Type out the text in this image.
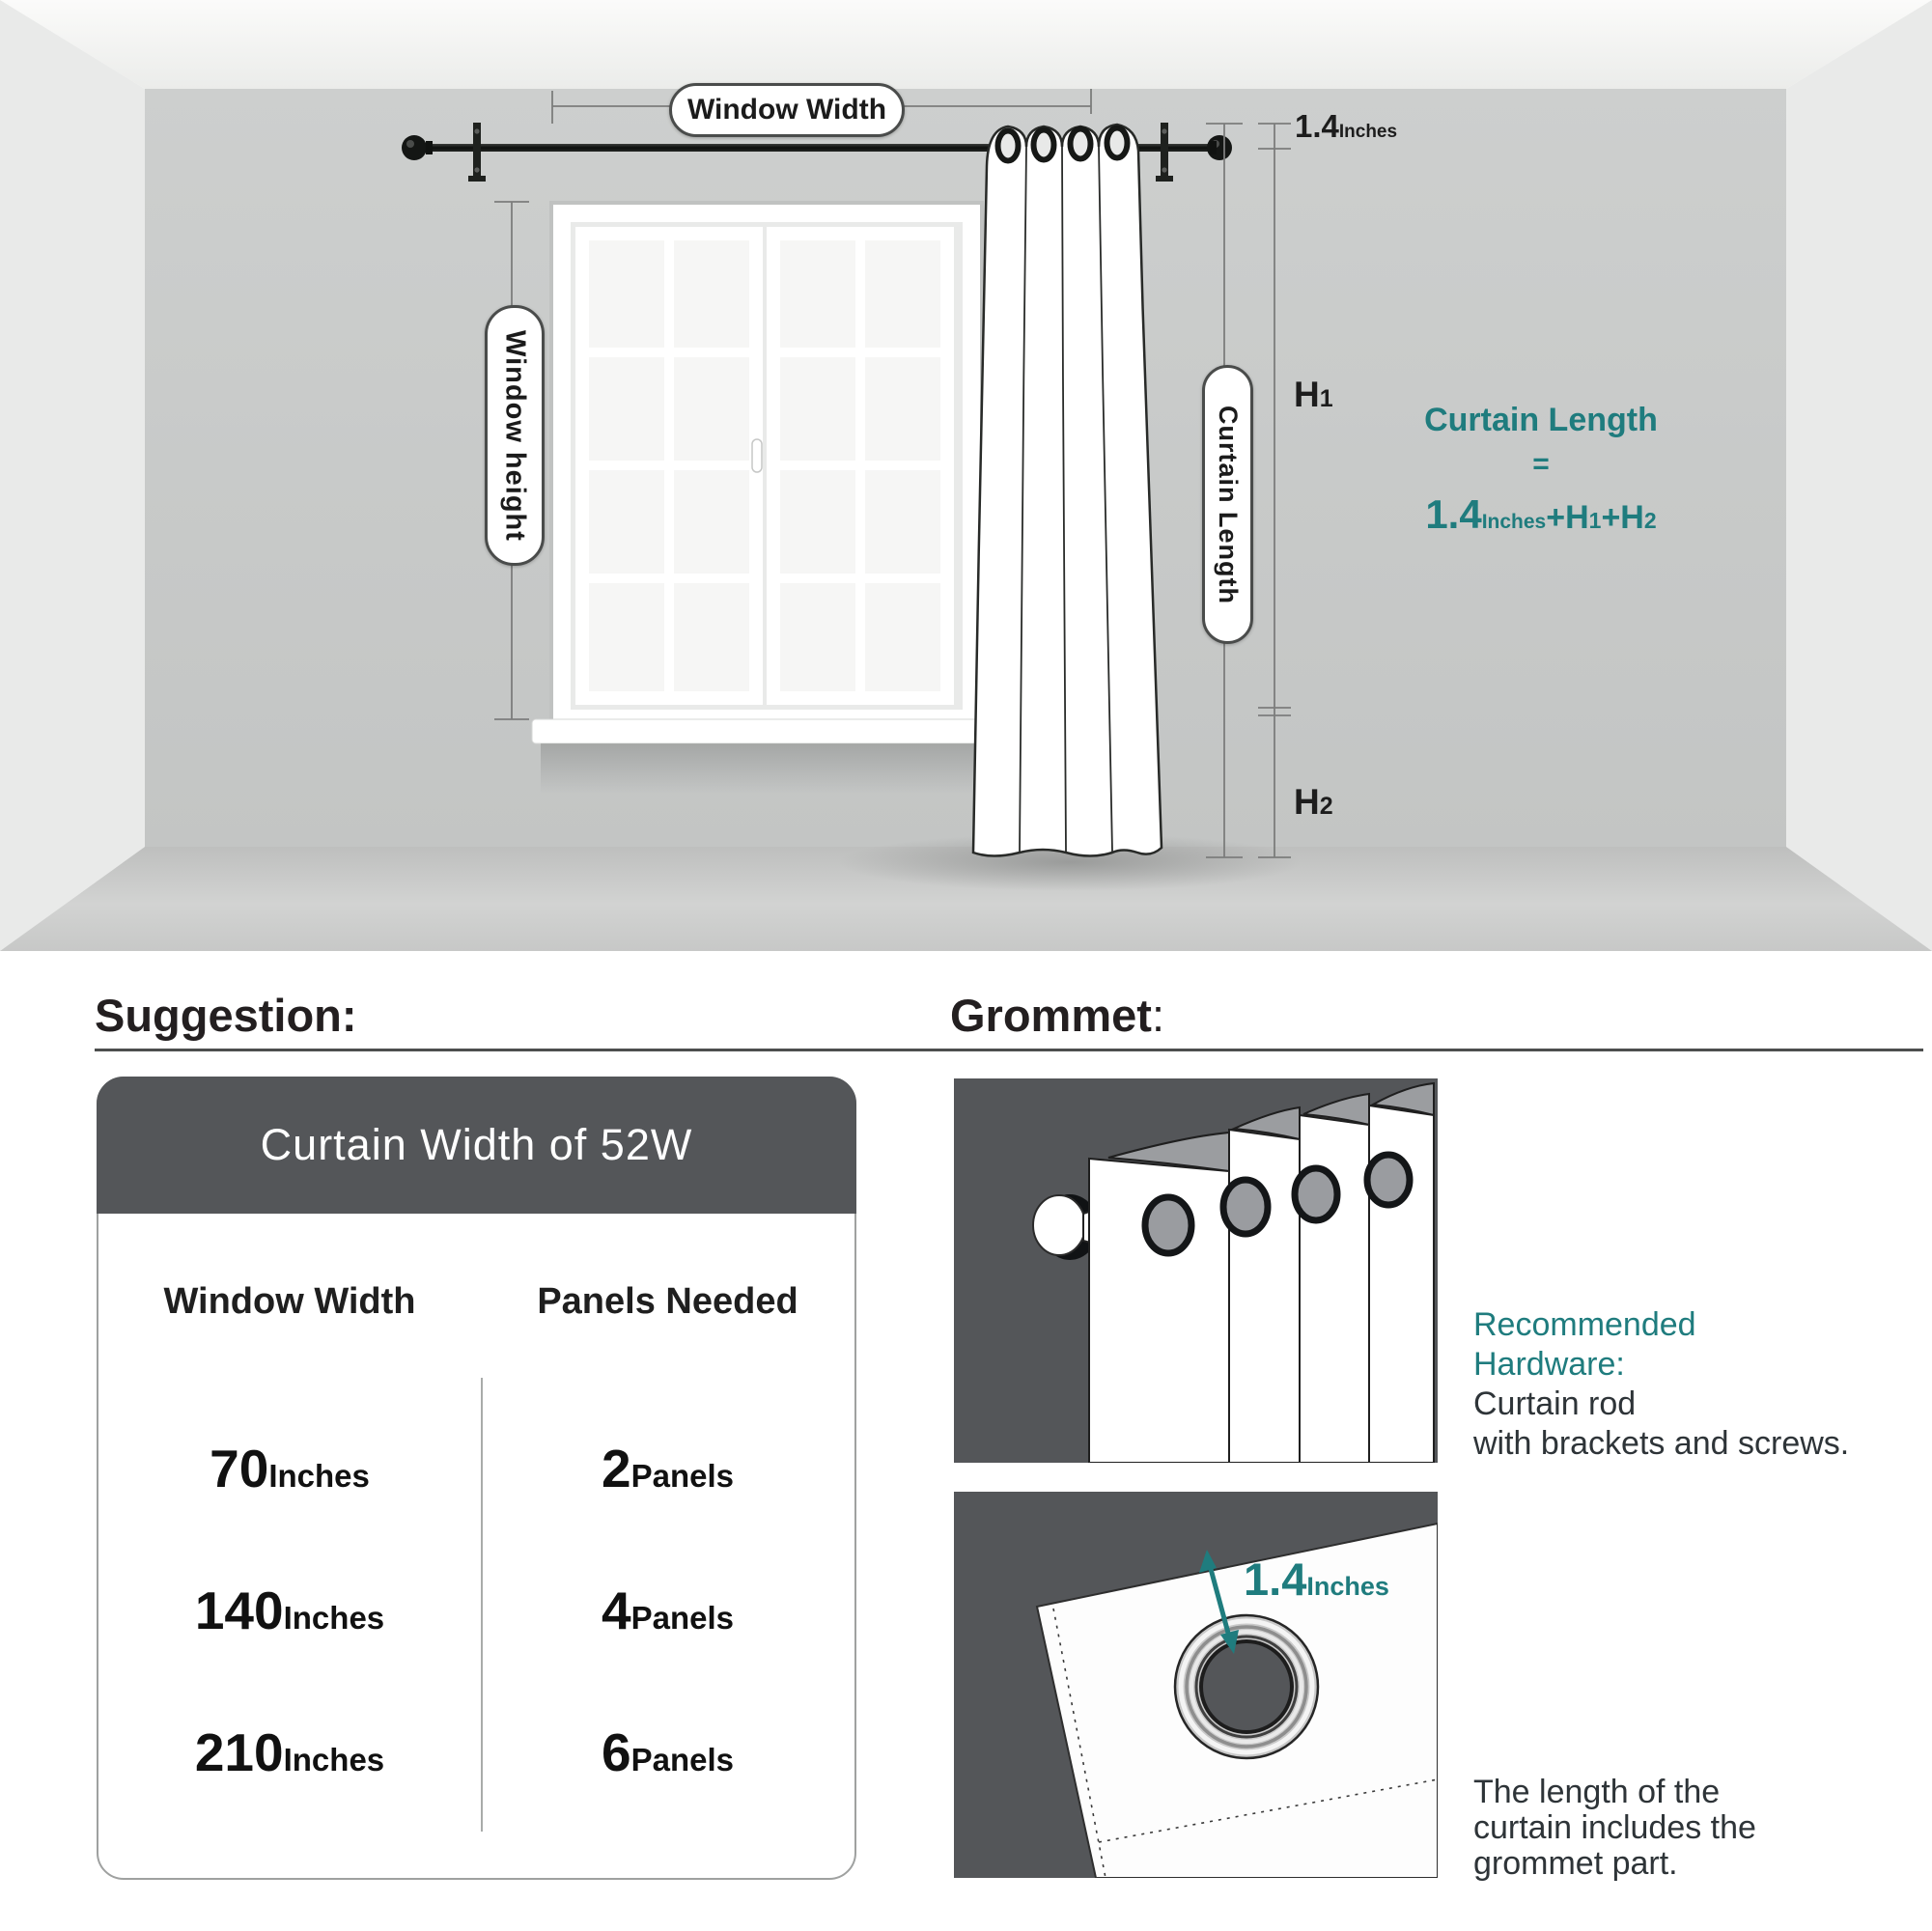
Window Width
Window height	Curtain Length
1.4Inches
H1
H2
Curtain Length
=
1.4Inches+H1+H2
Suggestion:	Grommet:
Curtain Width of 52W
Window Width	Panels Needed
70Inches	2Panels
140Inches	4Panels
210Inches	6Panels
1.4Inches
Recommended
Hardware:
Curtain rod
with brackets and screws.
The length of the
curtain includes the
grommet part.
